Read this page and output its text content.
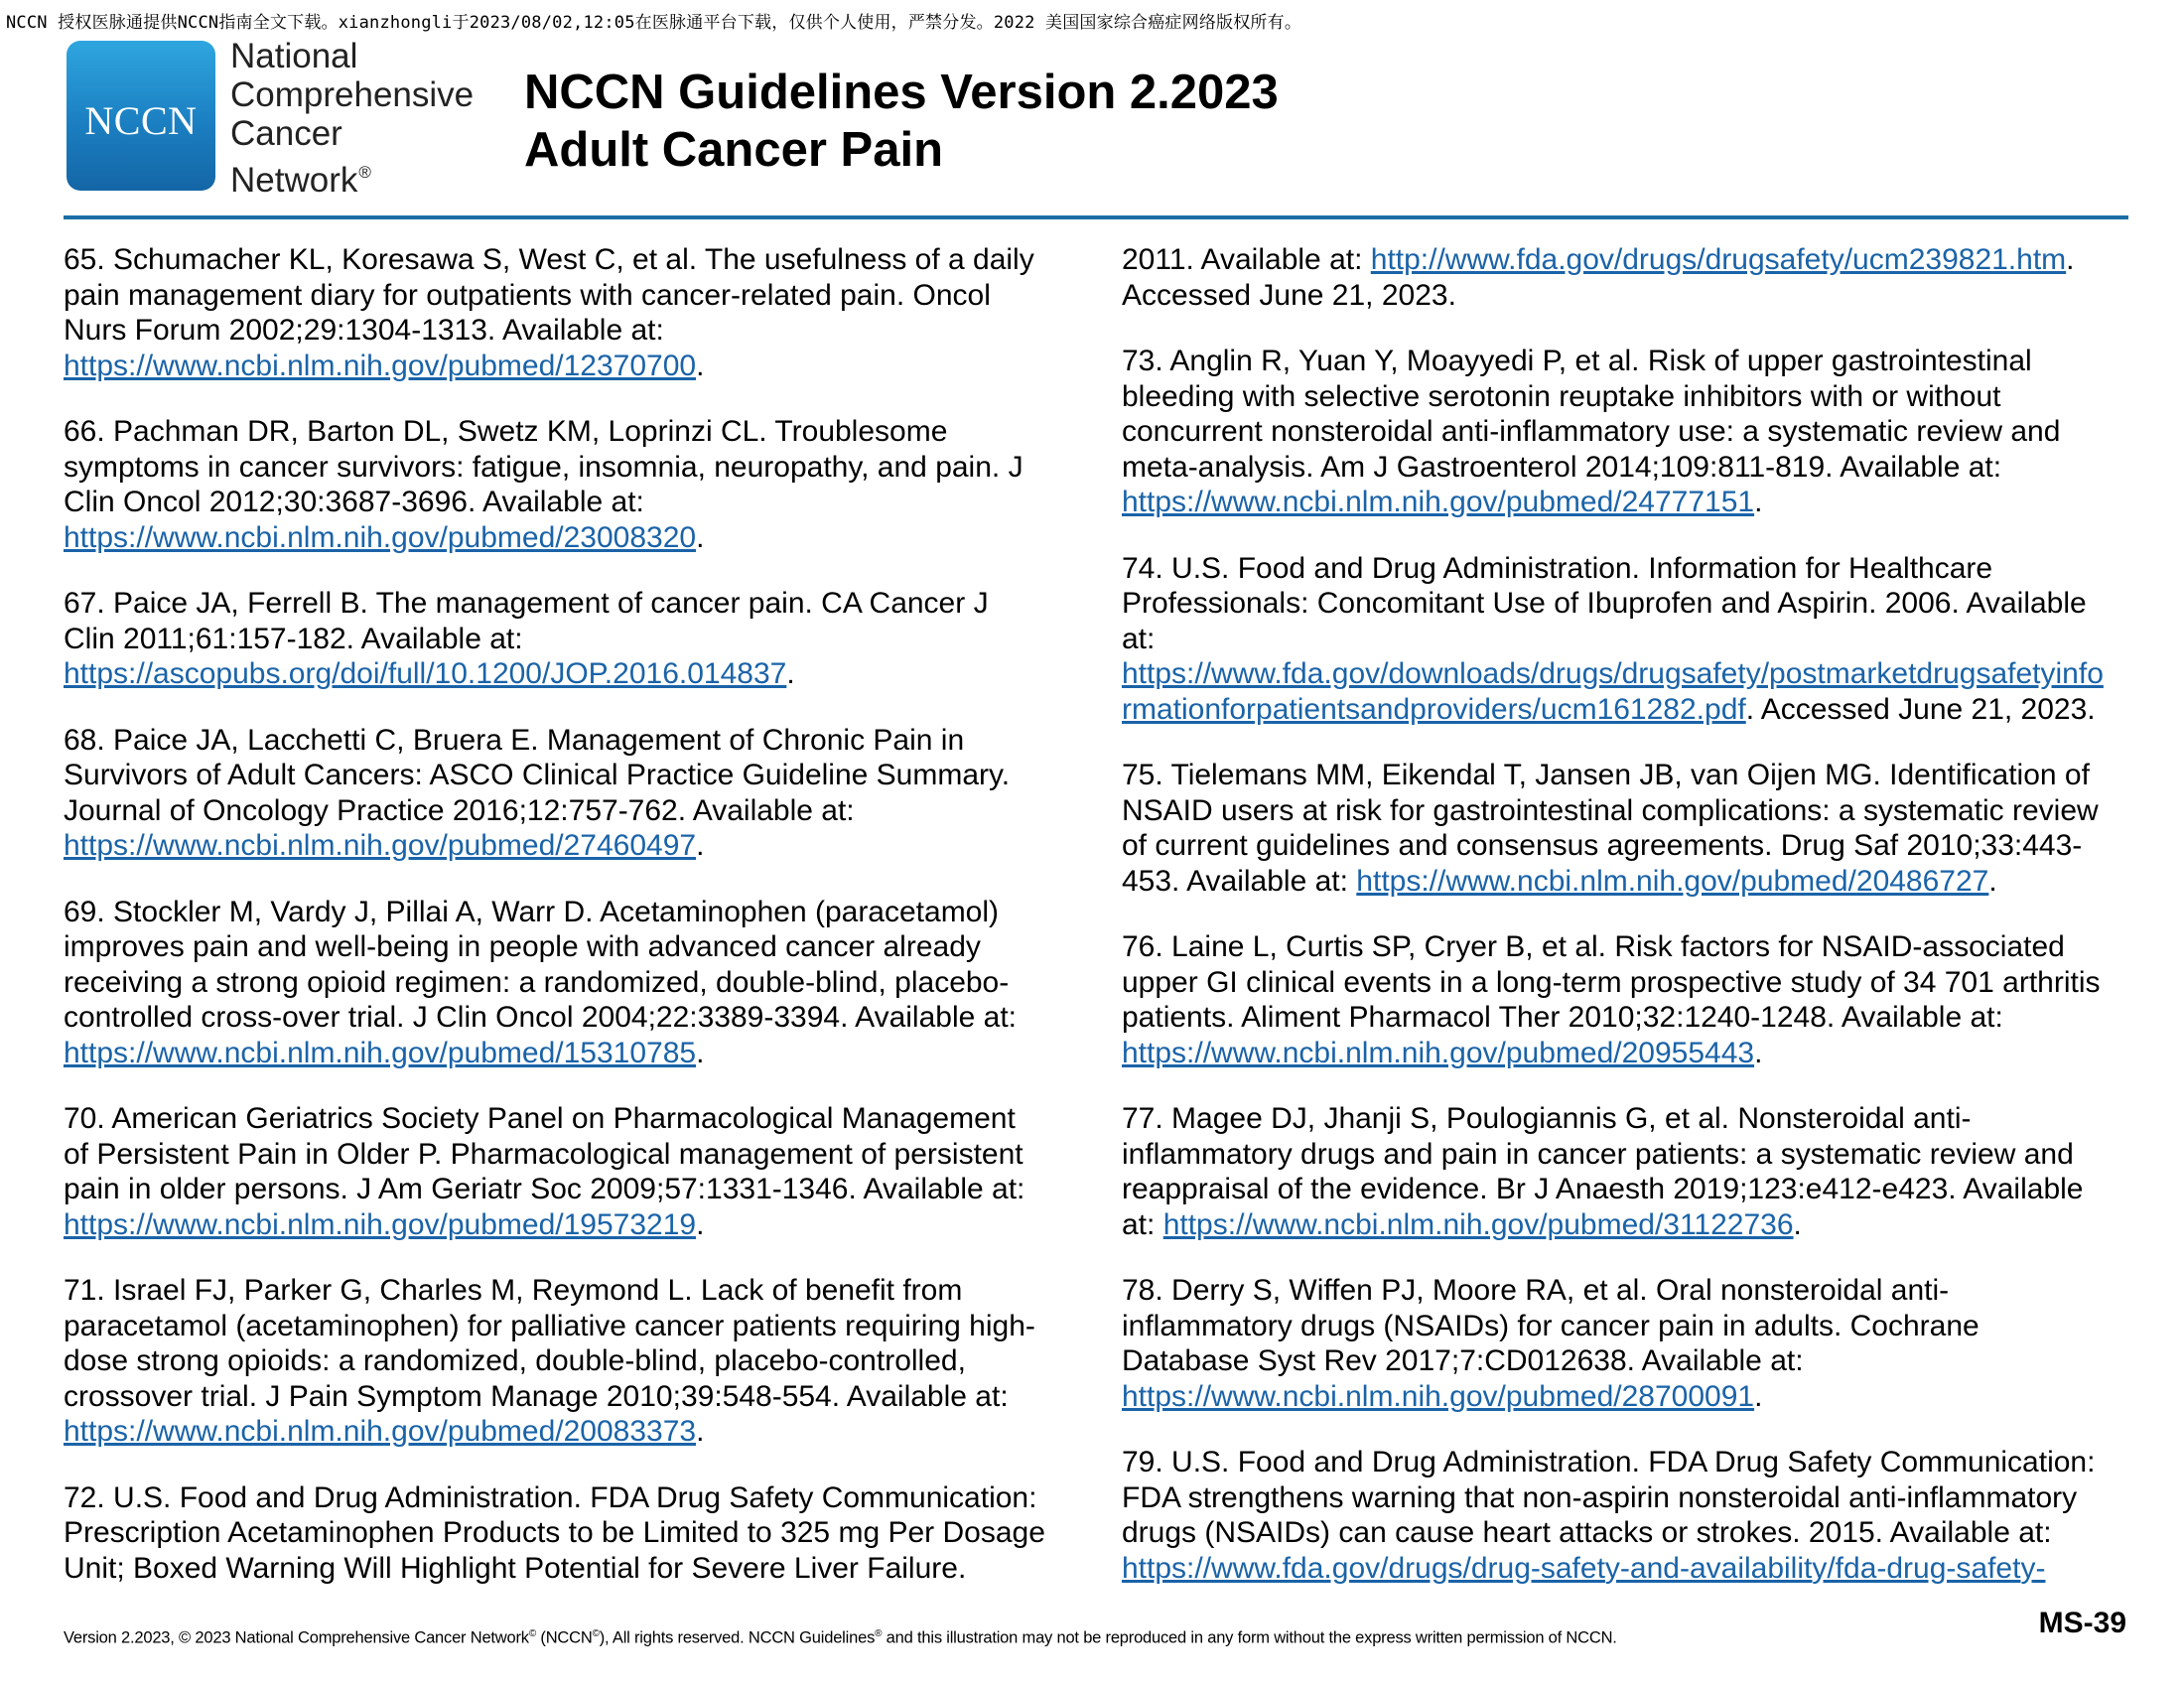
NCCN 授权医脉通提供NCCN指南全文下载。xianzhongli于2023/08/02,12:05在医脉通平台下载，仅供个人使用，严禁分发。2022 美国国家综合癌症网络版权所有。
NCCN
National
Comprehensive
Cancer
Network®
NCCN Guidelines Version 2.2023
Adult Cancer Pain
65. Schumacher KL, Koresawa S, West C, et al. The usefulness of a daily
pain management diary for outpatients with cancer-related pain. Oncol
Nurs Forum 2002;29:1304-1313. Available at:
https://www.ncbi.nlm.nih.gov/pubmed/12370700.
66. Pachman DR, Barton DL, Swetz KM, Loprinzi CL. Troublesome
symptoms in cancer survivors: fatigue, insomnia, neuropathy, and pain. J
Clin Oncol 2012;30:3687-3696. Available at:
https://www.ncbi.nlm.nih.gov/pubmed/23008320.
67. Paice JA, Ferrell B. The management of cancer pain. CA Cancer J
Clin 2011;61:157-182. Available at:
https://ascopubs.org/doi/full/10.1200/JOP.2016.014837.
68. Paice JA, Lacchetti C, Bruera E. Management of Chronic Pain in
Survivors of Adult Cancers: ASCO Clinical Practice Guideline Summary.
Journal of Oncology Practice 2016;12:757-762. Available at:
https://www.ncbi.nlm.nih.gov/pubmed/27460497.
69. Stockler M, Vardy J, Pillai A, Warr D. Acetaminophen (paracetamol)
improves pain and well-being in people with advanced cancer already
receiving a strong opioid regimen: a randomized, double-blind, placebo-
controlled cross-over trial. J Clin Oncol 2004;22:3389-3394. Available at:
https://www.ncbi.nlm.nih.gov/pubmed/15310785.
70. American Geriatrics Society Panel on Pharmacological Management
of Persistent Pain in Older P. Pharmacological management of persistent
pain in older persons. J Am Geriatr Soc 2009;57:1331-1346. Available at:
https://www.ncbi.nlm.nih.gov/pubmed/19573219.
71. Israel FJ, Parker G, Charles M, Reymond L. Lack of benefit from
paracetamol (acetaminophen) for palliative cancer patients requiring high-
dose strong opioids: a randomized, double-blind, placebo-controlled,
crossover trial. J Pain Symptom Manage 2010;39:548-554. Available at:
https://www.ncbi.nlm.nih.gov/pubmed/20083373.
72. U.S. Food and Drug Administration. FDA Drug Safety Communication:
Prescription Acetaminophen Products to be Limited to 325 mg Per Dosage
Unit; Boxed Warning Will Highlight Potential for Severe Liver Failure.
2011. Available at: http://www.fda.gov/drugs/drugsafety/ucm239821.htm.
Accessed June 21, 2023.
73. Anglin R, Yuan Y, Moayyedi P, et al. Risk of upper gastrointestinal
bleeding with selective serotonin reuptake inhibitors with or without
concurrent nonsteroidal anti-inflammatory use: a systematic review and
meta-analysis. Am J Gastroenterol 2014;109:811-819. Available at:
https://www.ncbi.nlm.nih.gov/pubmed/24777151.
74. U.S. Food and Drug Administration. Information for Healthcare
Professionals: Concomitant Use of Ibuprofen and Aspirin. 2006. Available
at:
https://www.fda.gov/downloads/drugs/drugsafety/postmarketdrugsafetyinfo
rmationforpatientsandproviders/ucm161282.pdf. Accessed June 21, 2023.
75. Tielemans MM, Eikendal T, Jansen JB, van Oijen MG. Identification of
NSAID users at risk for gastrointestinal complications: a systematic review
of current guidelines and consensus agreements. Drug Saf 2010;33:443-
453. Available at: https://www.ncbi.nlm.nih.gov/pubmed/20486727.
76. Laine L, Curtis SP, Cryer B, et al. Risk factors for NSAID-associated
upper GI clinical events in a long-term prospective study of 34 701 arthritis
patients. Aliment Pharmacol Ther 2010;32:1240-1248. Available at:
https://www.ncbi.nlm.nih.gov/pubmed/20955443.
77. Magee DJ, Jhanji S, Poulogiannis G, et al. Nonsteroidal anti-
inflammatory drugs and pain in cancer patients: a systematic review and
reappraisal of the evidence. Br J Anaesth 2019;123:e412-e423. Available
at: https://www.ncbi.nlm.nih.gov/pubmed/31122736.
78. Derry S, Wiffen PJ, Moore RA, et al. Oral nonsteroidal anti-
inflammatory drugs (NSAIDs) for cancer pain in adults. Cochrane
Database Syst Rev 2017;7:CD012638. Available at:
https://www.ncbi.nlm.nih.gov/pubmed/28700091.
79. U.S. Food and Drug Administration. FDA Drug Safety Communication:
FDA strengthens warning that non-aspirin nonsteroidal anti-inflammatory
drugs (NSAIDs) can cause heart attacks or strokes. 2015. Available at:
https://www.fda.gov/drugs/drug-safety-and-availability/fda-drug-safety-
Version 2.2023, © 2023 National Comprehensive Cancer Network© (NCCN©), All rights reserved. NCCN Guidelines® and this illustration may not be reproduced in any form without the express written permission of NCCN.	MS-39
